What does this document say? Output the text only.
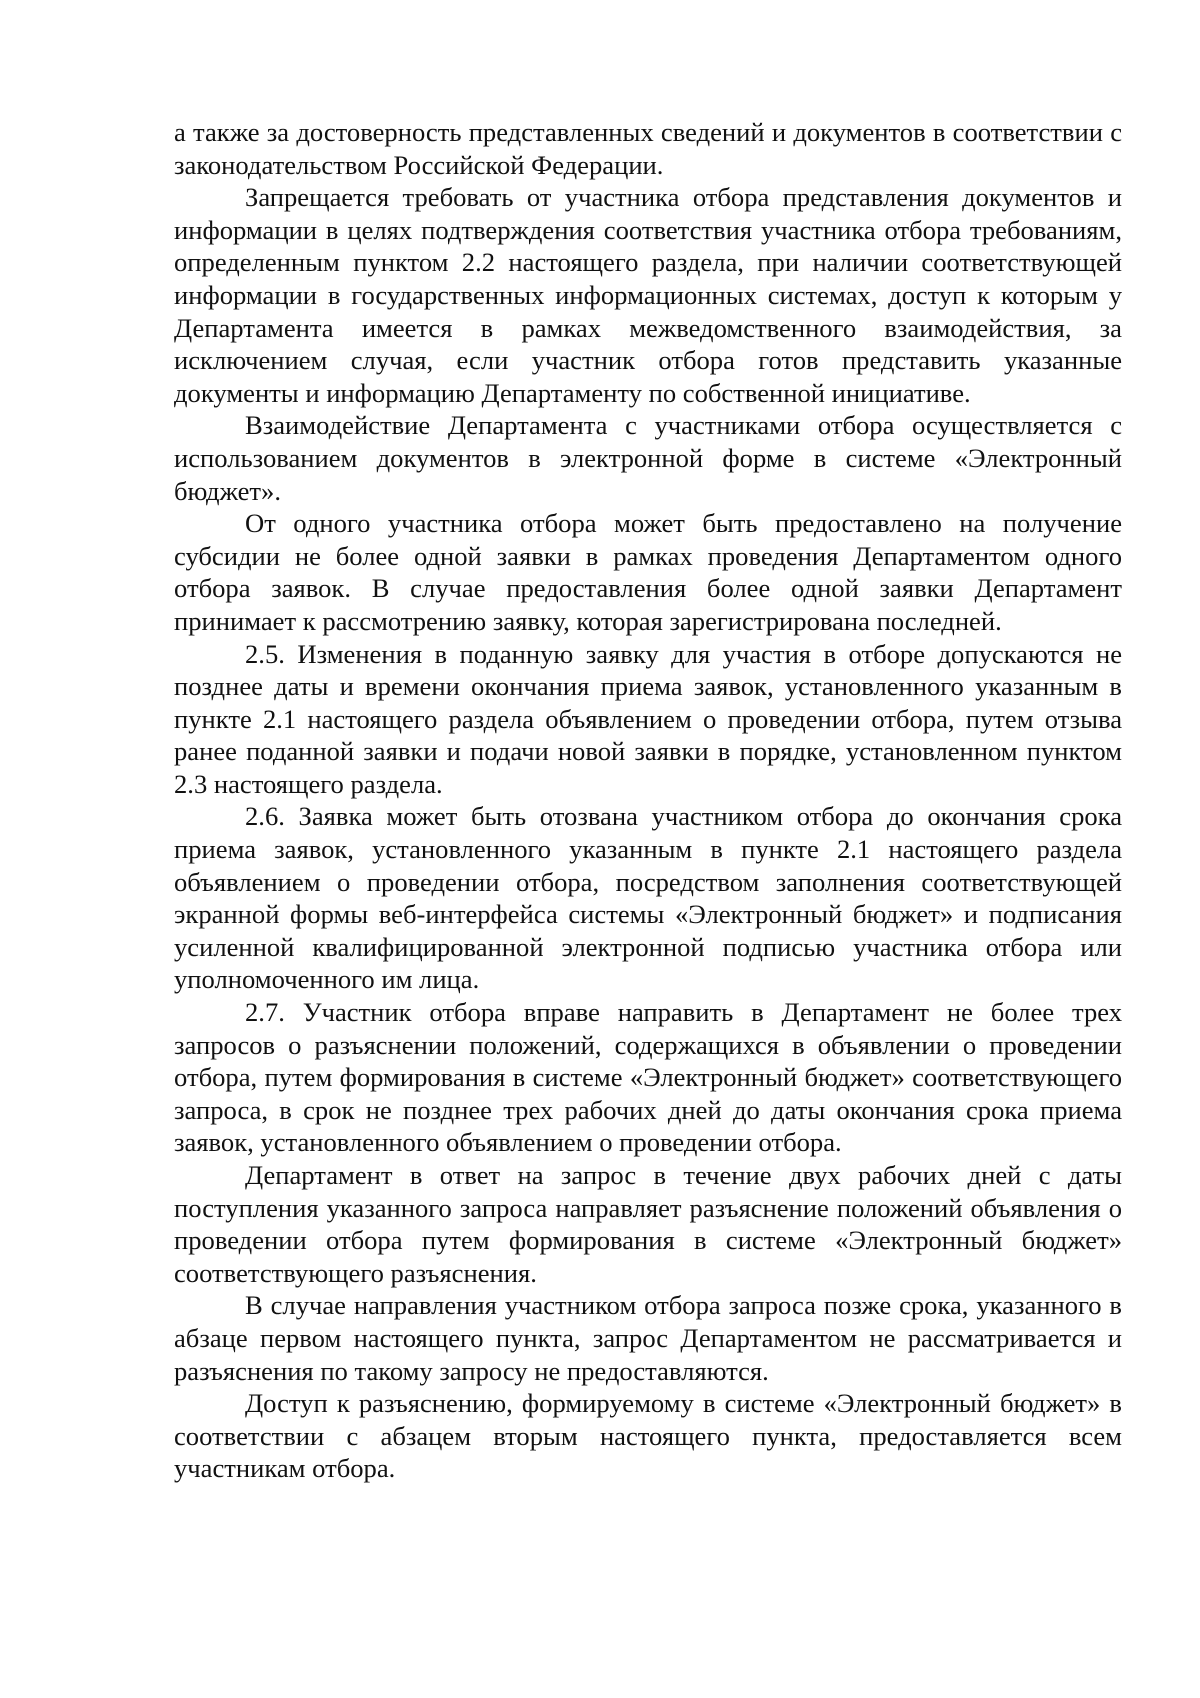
а также за достоверность представленных сведений и документов в соответствии с законодательством Российской Федерации.

Запрещается требовать от участника отбора представления документов и информации в целях подтверждения соответствия участника отбора требованиям, определенным пунктом 2.2 настоящего раздела, при наличии соответствующей информации в государственных информационных системах, доступ к которым у Департамента имеется в рамках межведомственного взаимодействия, за исключением случая, если участник отбора готов представить указанные документы и информацию Департаменту по собственной инициативе.

Взаимодействие Департамента с участниками отбора осуществляется с использованием документов в электронной форме в системе «Электронный бюджет».

От одного участника отбора может быть предоставлено на получение субсидии не более одной заявки в рамках проведения Департаментом одного отбора заявок. В случае предоставления более одной заявки Департамент принимает к рассмотрению заявку, которая зарегистрирована последней.

2.5. Изменения в поданную заявку для участия в отборе допускаются не позднее даты и времени окончания приема заявок, установленного указанным в пункте 2.1 настоящего раздела объявлением о проведении отбора, путем отзыва ранее поданной заявки и подачи новой заявки в порядке, установленном пунктом 2.3 настоящего раздела.

2.6. Заявка может быть отозвана участником отбора до окончания срока приема заявок, установленного указанным в пункте 2.1 настоящего раздела объявлением о проведении отбора, посредством заполнения соответствующей экранной формы веб-интерфейса системы «Электронный бюджет» и подписания усиленной квалифицированной электронной подписью участника отбора или уполномоченного им лица.

2.7. Участник отбора вправе направить в Департамент не более трех запросов о разъяснении положений, содержащихся в объявлении о проведении отбора, путем формирования в системе «Электронный бюджет» соответствующего запроса, в срок не позднее трех рабочих дней до даты окончания срока приема заявок, установленного объявлением о проведении отбора.

Департамент в ответ на запрос в течение двух рабочих дней с даты поступления указанного запроса направляет разъяснение положений объявления о проведении отбора путем формирования в системе «Электронный бюджет» соответствующего разъяснения.

В случае направления участником отбора запроса позже срока, указанного в абзаце первом настоящего пункта, запрос Департаментом не рассматривается и разъяснения по такому запросу не предоставляются.

Доступ к разъяснению, формируемому в системе «Электронный бюджет» в соответствии с абзацем вторым настоящего пункта, предоставляется всем участникам отбора.
